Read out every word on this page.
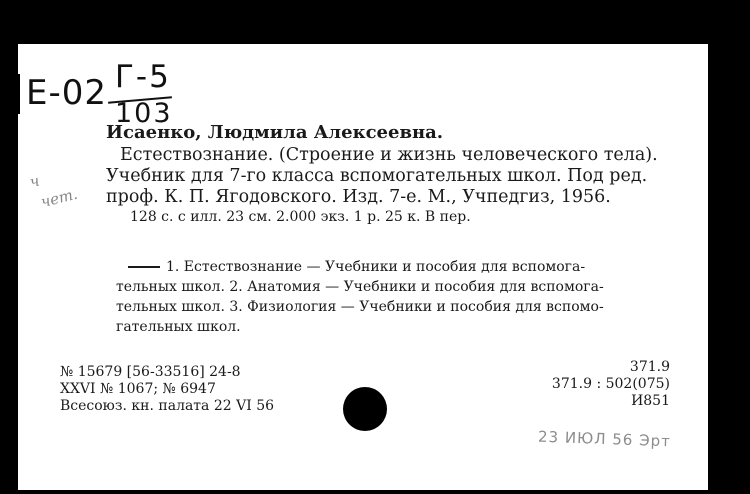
Е-02 Г-5
103
ч
чет.
Исаенко, Людмила Алексеевна.
Естествознание. (Строение и жизнь человеческого тела).
Учебник для 7-го класса вспомогательных школ. Под ред.
проф. К. П. Ягодовского. Изд. 7-е. М., Учпедгиз, 1956.
128 с. с илл. 23 см. 2.000 экз. 1 р. 25 к. В пер.
1. Естествознание — Учебники и пособия для вспомога-
тельных школ. 2. Анатомия — Учебники и пособия для вспомога-
тельных школ. 3. Физиология — Учебники и пособия для вспомо-
гательных школ.
№ 15679 [56-33516] 24-8
XXVI № 1067; № 6947
Всесоюз. кн. палата 22 VI 56
371.9
371.9 : 502(075)
И851
23 ИЮЛ 56 Эрт
